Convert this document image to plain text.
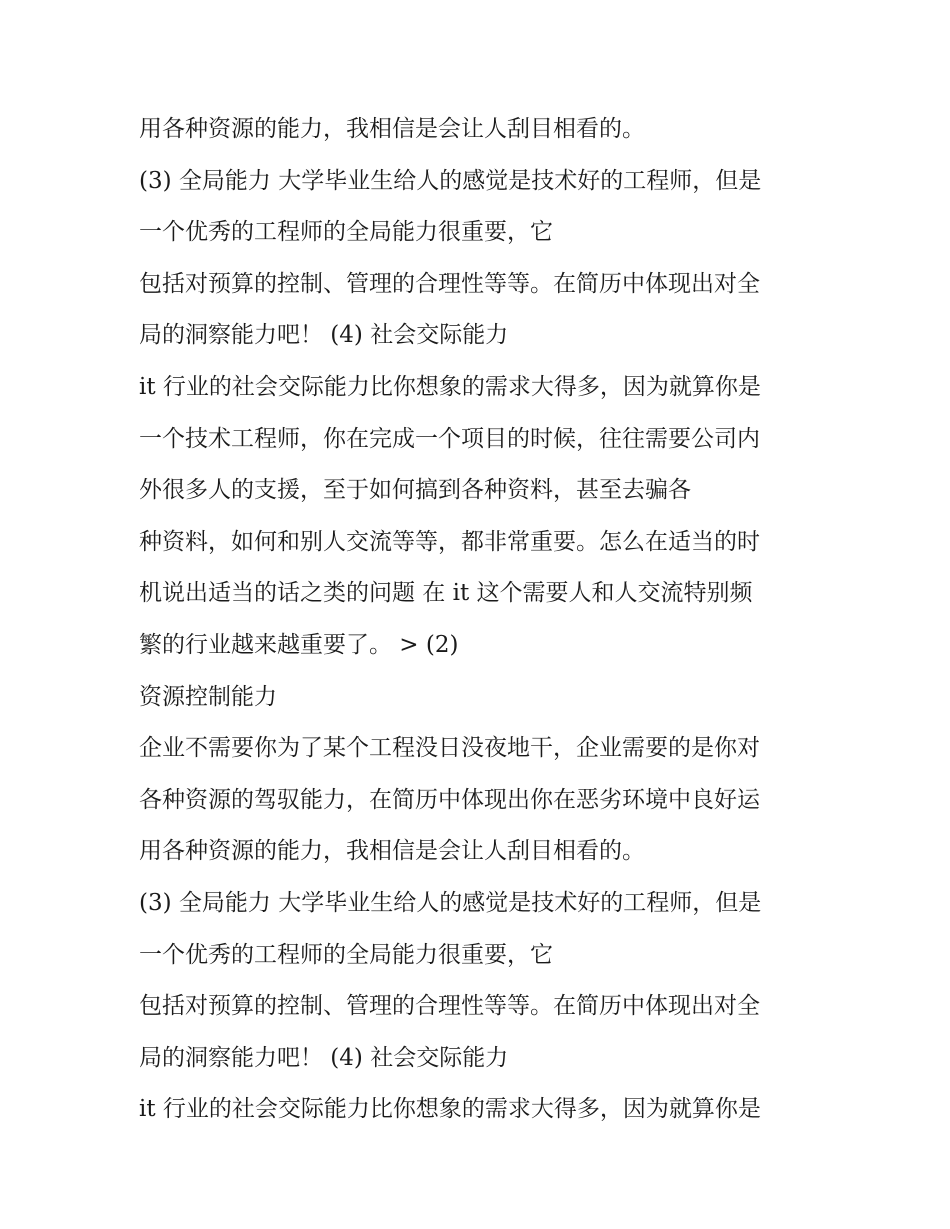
用各种资源的能力，我相信是会让人刮目相看的。
(3) 全局能力 大学毕业生给人的感觉是技术好的工程师，但是
一个优秀的工程师的全局能力很重要，它
包括对预算的控制、管理的合理性等等。在简历中体现出对全
局的洞察能力吧！ (4) 社会交际能力
it 行业的社会交际能力比你想象的需求大得多，因为就算你是
一个技术工程师，你在完成一个项目的时候，往往需要公司内
外很多人的支援，至于如何搞到各种资料，甚至去骗各
种资料，如何和别人交流等等，都非常重要。怎么在适当的时
机说出适当的话之类的问题 在 it 这个需要人和人交流特别频
繁的行业越来越重要了。 > (2)
资源控制能力
企业不需要你为了某个工程没日没夜地干，企业需要的是你对
各种资源的驾驭能力，在简历中体现出你在恶劣环境中良好运
用各种资源的能力，我相信是会让人刮目相看的。
(3) 全局能力 大学毕业生给人的感觉是技术好的工程师，但是
一个优秀的工程师的全局能力很重要，它
包括对预算的控制、管理的合理性等等。在简历中体现出对全
局的洞察能力吧！ (4) 社会交际能力
it 行业的社会交际能力比你想象的需求大得多，因为就算你是
